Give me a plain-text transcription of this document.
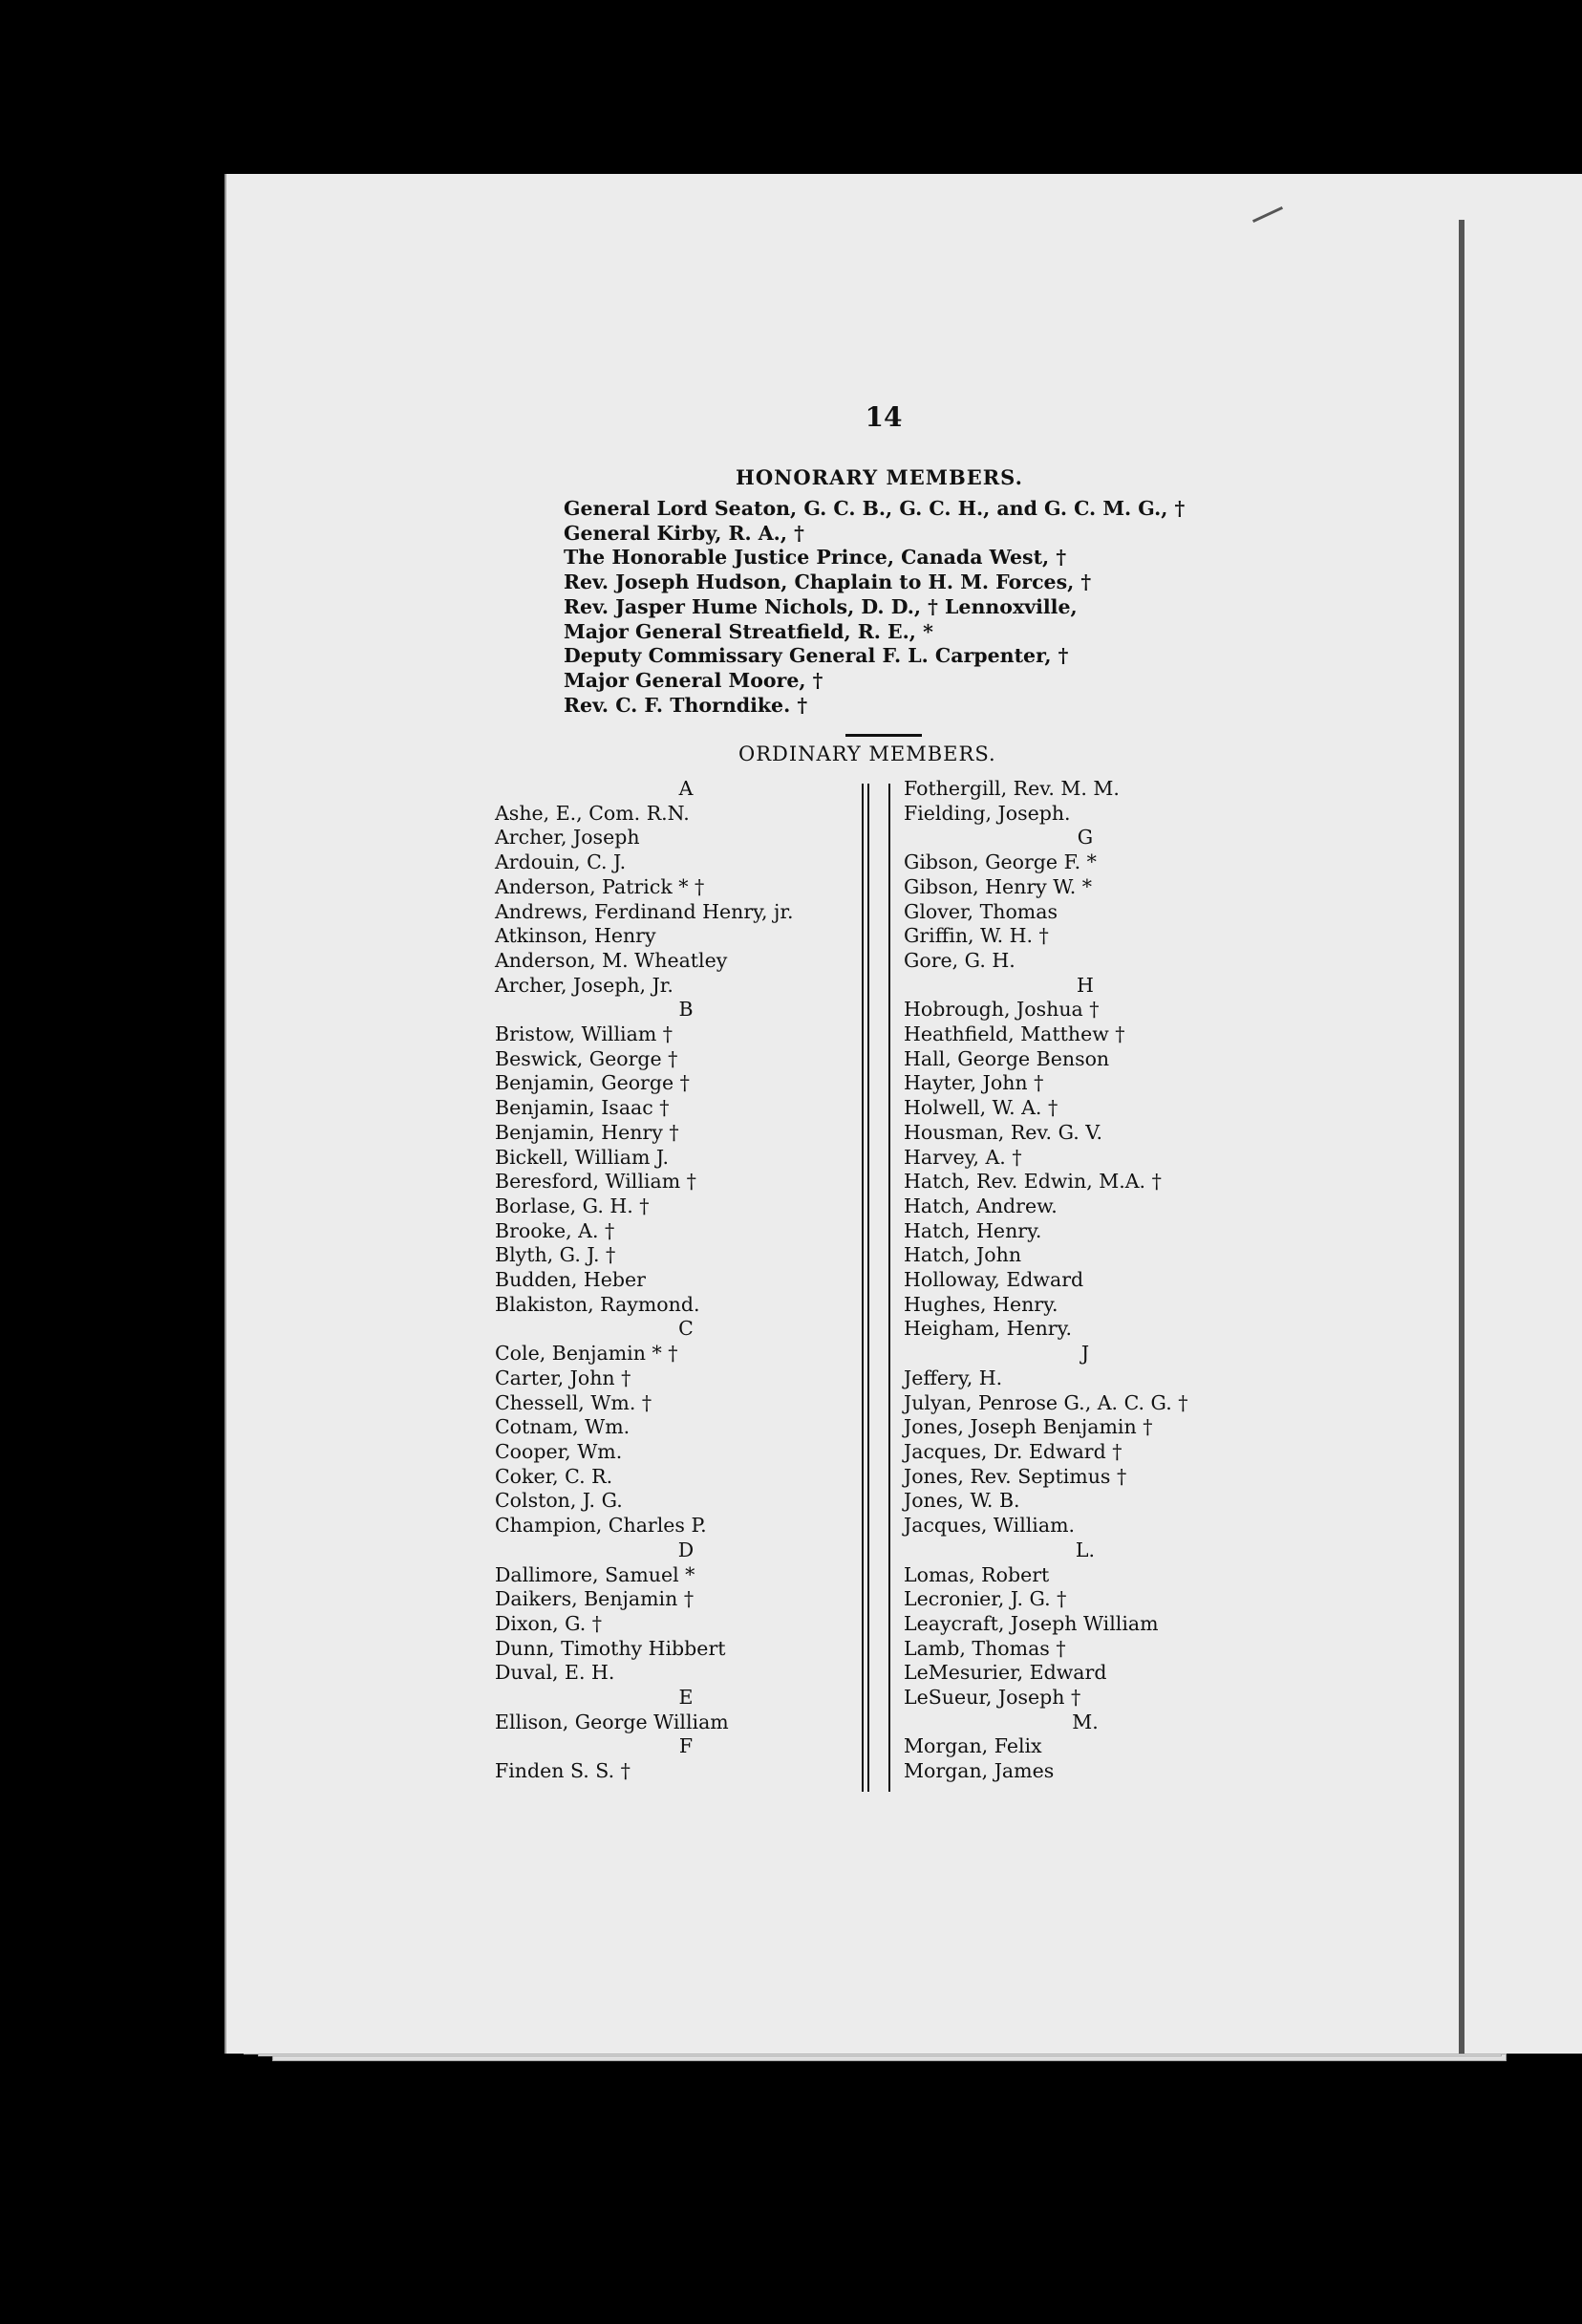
14
HONORARY MEMBERS.
General Lord Seaton, G. C. B., G. C. H., and G. C. M. G., †
General Kirby, R. A., †
The Honorable Justice Prince, Canada West, †
Rev. Joseph Hudson, Chaplain to H. M. Forces, †
Rev. Jasper Hume Nichols, D. D., † Lennoxville,
Major General Streatfield, R. E., *
Deputy Commissary General F. L. Carpenter, †
Major General Moore, †
Rev. C. F. Thorndike. †
ORDINARY MEMBERS.
A
Ashe, E., Com. R.N.
Archer, Joseph
Ardouin, C. J.
Anderson, Patrick * †
Andrews, Ferdinand Henry, jr.
Atkinson, Henry
Anderson, M. Wheatley
Archer, Joseph, Jr.
B
Bristow, William †
Beswick, George †
Benjamin, George †
Benjamin, Isaac †
Benjamin, Henry †
Bickell, William J.
Beresford, William †
Borlase, G. H. †
Brooke, A. †
Blyth, G. J. †
Budden, Heber
Blakiston, Raymond.
C
Cole, Benjamin * †
Carter, John †
Chessell, Wm. †
Cotnam, Wm.
Cooper, Wm.
Coker, C. R.
Colston, J. G.
Champion, Charles P.
D
Dallimore, Samuel *
Daikers, Benjamin †
Dixon, G. †
Dunn, Timothy Hibbert
Duval, E. H.
E
Ellison, George William
F
Finden S. S. †
Fothergill, Rev. M. M.
Fielding, Joseph.
G
Gibson, George F. *
Gibson, Henry W. *
Glover, Thomas
Griffin, W. H. †
Gore, G. H.
H
Hobrough, Joshua †
Heathfield, Matthew †
Hall, George Benson
Hayter, John †
Holwell, W. A. †
Housman, Rev. G. V.
Harvey, A. †
Hatch, Rev. Edwin, M.A. †
Hatch, Andrew.
Hatch, Henry.
Hatch, John
Holloway, Edward
Hughes, Henry.
Heigham, Henry.
J
Jeffery, H.
Julyan, Penrose G., A. C. G. †
Jones, Joseph Benjamin †
Jacques, Dr. Edward †
Jones, Rev. Septimus †
Jones, W. B.
Jacques, William.
L.
Lomas, Robert
Lecronier, J. G. †
Leaycraft, Joseph William
Lamb, Thomas †
LeMesurier, Edward
LeSueur, Joseph †
M.
Morgan, Felix
Morgan, James
